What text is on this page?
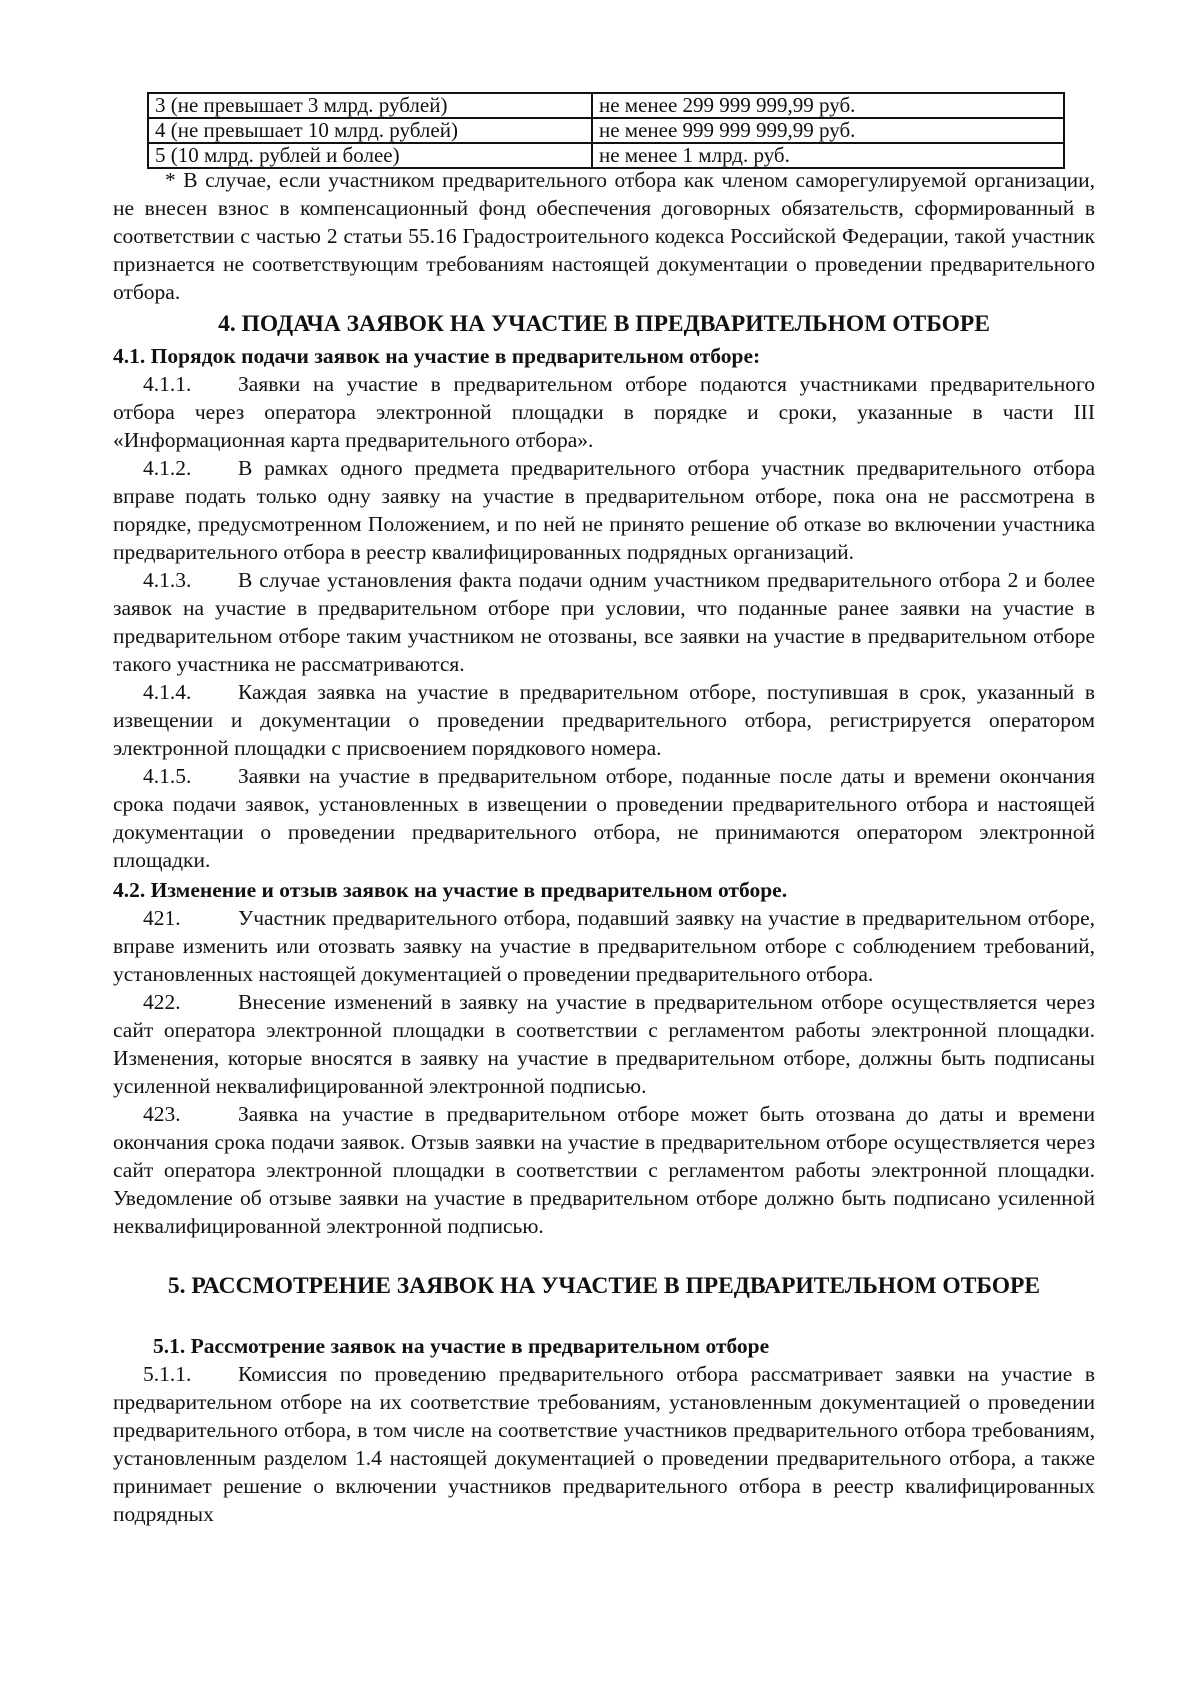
3 (не превышает 3 млрд. рублей)	не менее 299 999 999,99 руб.
4 (не превышает 10 млрд. рублей)	не менее 999 999 999,99 руб.
5 (10 млрд. рублей и более)	не менее 1 млрд. руб.

* В случае, если участником предварительного отбора как членом саморегулируемой организации, не внесен взнос в компенсационный фонд обеспечения договорных обязательств, сформированный в соответствии с частью 2 статьи 55.16 Градостроительного кодекса Российской Федерации, такой участник признается не соответствующим требованиям настоящей документации о проведении предварительного отбора.

4. ПОДАЧА ЗАЯВОК НА УЧАСТИЕ В ПРЕДВАРИТЕЛЬНОМ ОТБОРЕ
4.1. Порядок подачи заявок на участие в предварительном отборе:

4.1.1. Заявки на участие в предварительном отборе подаются участниками предварительного отбора через оператора электронной площадки в порядке и сроки, указанные в части III «Информационная карта предварительного отбора».

4.1.2. В рамках одного предмета предварительного отбора участник предварительного отбора вправе подать только одну заявку на участие в предварительном отборе, пока она не рассмотрена в порядке, предусмотренном Положением, и по ней не принято решение об отказе во включении участника предварительного отбора в реестр квалифицированных подрядных организаций.

4.1.3. В случае установления факта подачи одним участником предварительного отбора 2 и более заявок на участие в предварительном отборе при условии, что поданные ранее заявки на участие в предварительном отборе таким участником не отозваны, все заявки на участие в предварительном отборе такого участника не рассматриваются.

4.1.4. Каждая заявка на участие в предварительном отборе, поступившая в срок, указанный в извещении и документации о проведении предварительного отбора, регистрируется оператором электронной площадки с присвоением порядкового номера.

4.1.5. Заявки на участие в предварительном отборе, поданные после даты и времени окончания срока подачи заявок, установленных в извещении о проведении предварительного отбора и настоящей документации о проведении предварительного отбора, не принимаются оператором электронной площадки.

4.2. Изменение и отзыв заявок на участие в предварительном отборе.

421.	Участник предварительного отбора, подавший заявку на участие в предварительном отборе, вправе изменить или отозвать заявку на участие в предварительном отборе с соблюдением требований, установленных настоящей документацией о проведении предварительного отбора.

422.	Внесение изменений в заявку на участие в предварительном отборе осуществляется через сайт оператора электронной площадки в соответствии с регламентом работы электронной площадки. Изменения, которые вносятся в заявку на участие в предварительном отборе, должны быть подписаны усиленной неквалифицированной электронной подписью.

423.	Заявка на участие в предварительном отборе может быть отозвана до даты и времени окончания срока подачи заявок. Отзыв заявки на участие в предварительном отборе осуществляется через сайт оператора электронной площадки в соответствии с регламентом работы электронной площадки. Уведомление об отзыве заявки на участие в предварительном отборе должно быть подписано усиленной неквалифицированной электронной подписью.

5. РАССМОТРЕНИЕ ЗАЯВОК НА УЧАСТИЕ В ПРЕДВАРИТЕЛЬНОМ ОТБОРЕ
5.1. Рассмотрение заявок на участие в предварительном отборе

5.1.1. Комиссия по проведению предварительного отбора рассматривает заявки на участие в предварительном отборе на их соответствие требованиям, установленным документацией о проведении предварительного отбора, в том числе на соответствие участников предварительного отбора требованиям, установленным разделом 1.4 настоящей документацией о проведении предварительного отбора, а также принимает решение о включении участников предварительного отбора в реестр квалифицированных подрядных
